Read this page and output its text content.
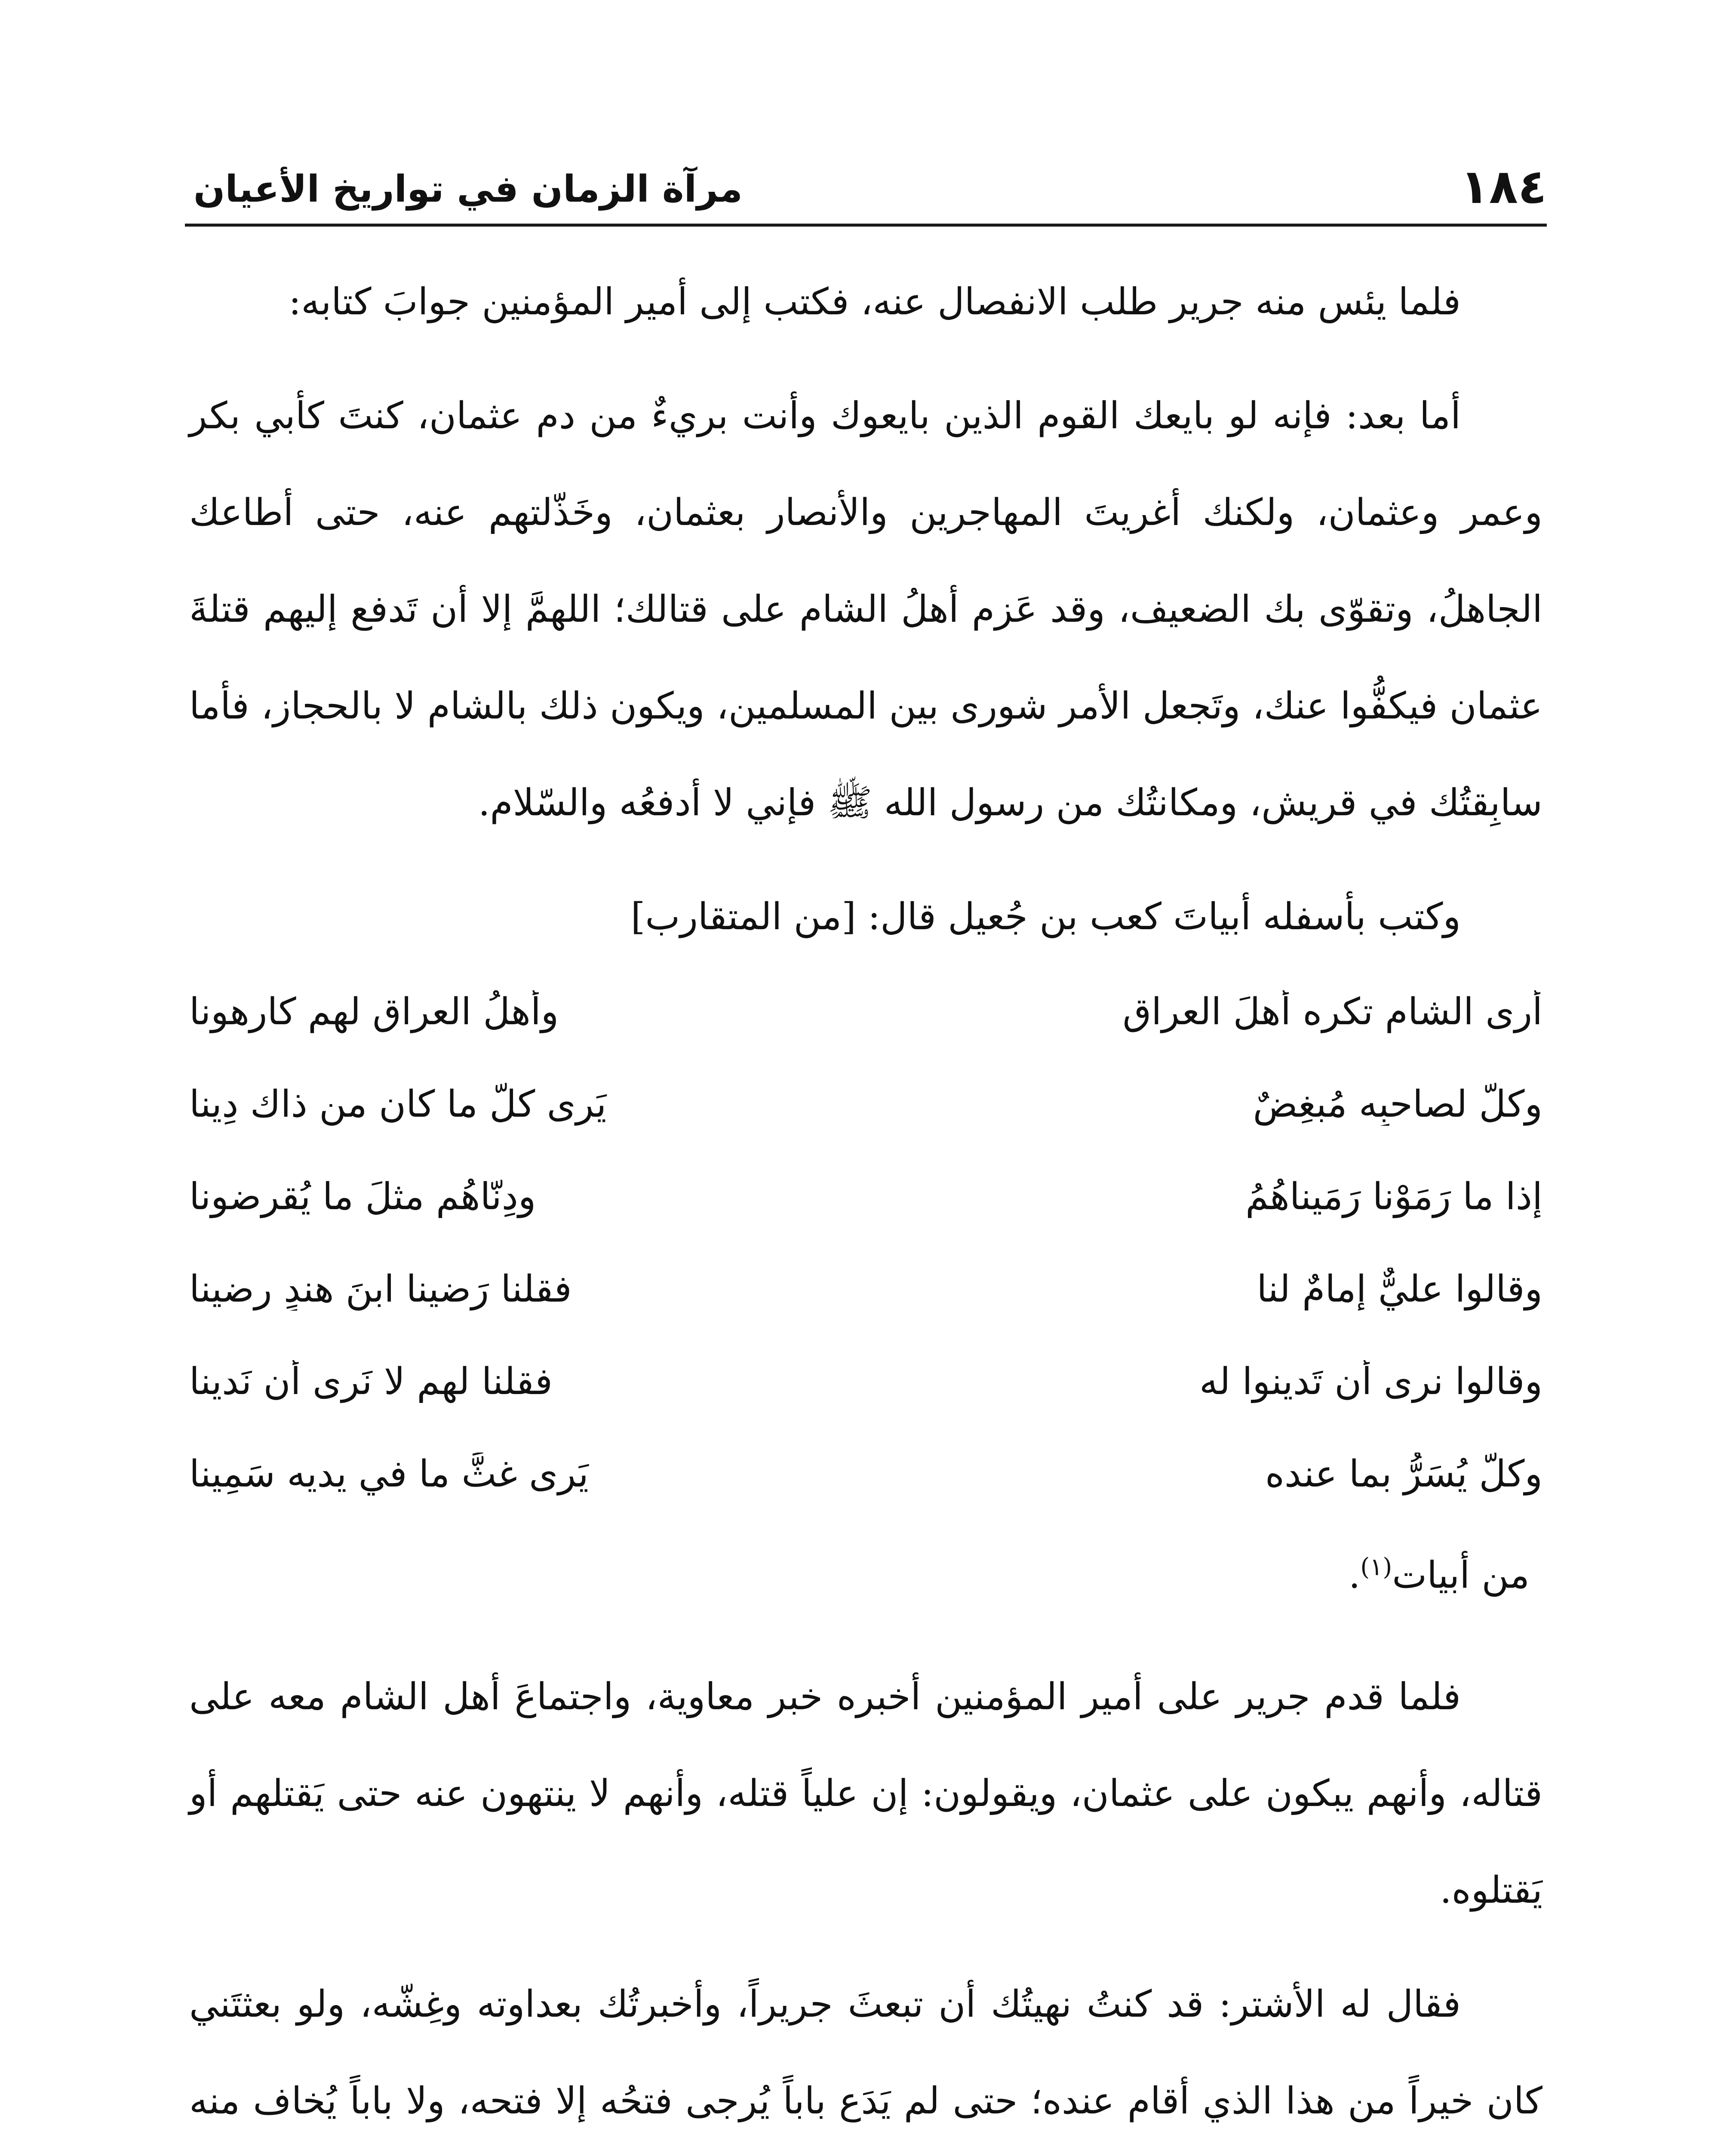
١٨٤
مرآة الزمان في تواريخ الأعيان

فلما يئس منه جرير طلب الانفصال عنه، فكتب إلى أمير المؤمنين جوابَ كتابه:

أما بعد: فإنه لو بايعك القوم الذين بايعوك وأنت بريءٌ من دم عثمان، كنتَ كأبي بكر وعمر وعثمان، ولكنك أغريتَ المهاجرين والأنصار بعثمان، وخَذّلتهم عنه، حتى أطاعك الجاهلُ، وتقوّى بك الضعيف، وقد عَزم أهلُ الشام على قتالك؛ اللهمَّ إلا أن تَدفع إليهم قتلةَ عثمان فيكفُّوا عنك، وتَجعل الأمر شورى بين المسلمين، ويكون ذلك بالشام لا بالحجاز، فأما سابِقتُك في قريش، ومكانتُك من رسول الله ﷺ فإني لا أدفعُه والسّلام.

وكتب بأسفله أبياتَ كعب بن جُعيل قال: [من المتقارب]

أرى الشام تكره أهلَ العراق
وأهلُ العراق لهم كارهونا
وكلٌّ لصاحبِه مُبغِضٌ
يَرى كلَّ ما كان من ذاك دِينا
إذا ما رَمَوْنا رَمَيناهُمُ
ودِنّاهُم مثلَ ما يُقرِضونا
وقالوا عليٌّ إمامٌ لنا
فقلنا رَضينا ابنَ هندٍ رضينا
وقالوا نرى أن تَدينوا له
فقلنا لهم لا نَرى أن نَدينا
وكلٌّ يُسَرُّ بما عنده
يَرى غثَّ ما في يديه سَمِينا

من أبيات$^{(١)}$.

فلما قدم جرير على أمير المؤمنين أخبره خبر معاوية، واجتماعَ أهل الشام معه على قتاله، وأنهم يبكون على عثمان، ويقولون: إن علياً قتله، وأنهم لا ينتهون عنه حتى يَقتلهم أو يَقتلوه.

فقال له الأشتر: قد كنتُ نهيتُك أن تبعثَ جريراً، وأخبرتُك بعداوته وغِشّه، ولو بعثتَني كان خيراً من هذا الذي أقام عنده؛ حتى لم يَدَع باباً يُرجى فتحُه إلا فتحه، ولا باباً يُخاف منه
